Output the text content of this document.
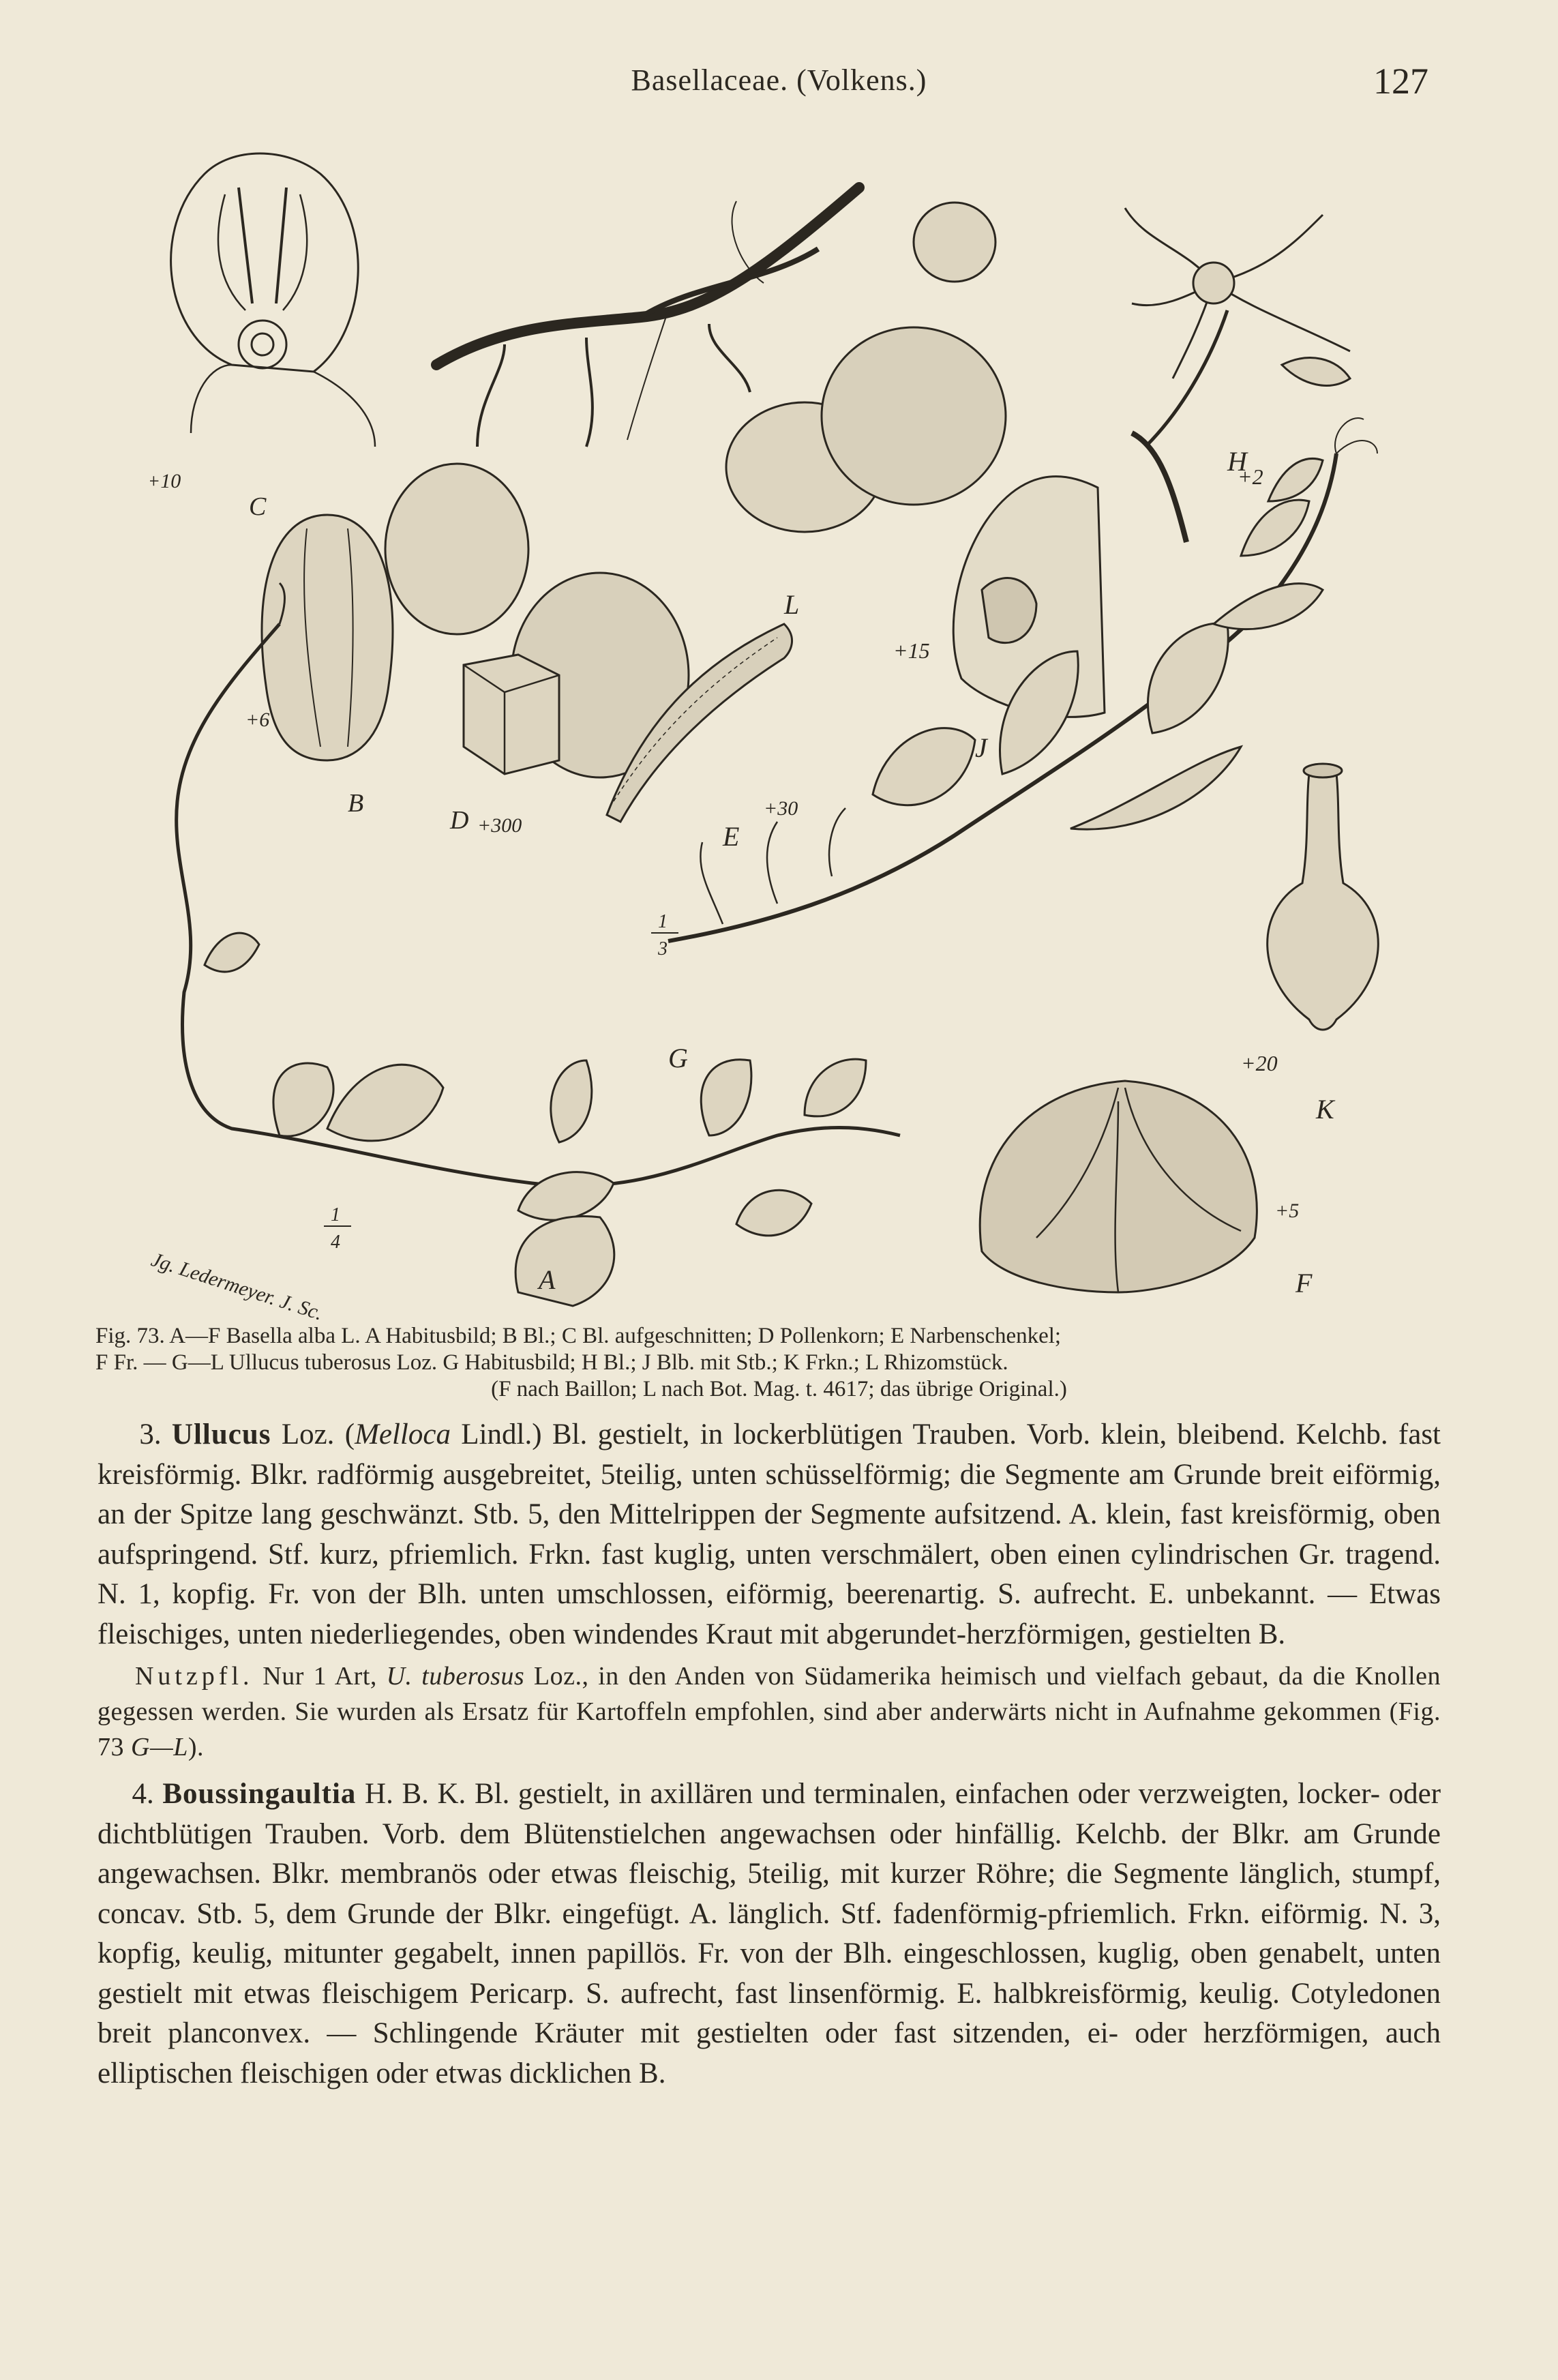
Basellaceae. (Volkens.)	127
+10
C
L
+2
H
+15
J
+6
B
D +300
+30
E
1
3
G	+20
K
+5
F
1
4
A
Jg. Ledermeyer. J. Sc.
Fig. 73. A—F Basella alba L. A Habitusbild; B Bl.; C Bl. aufgeschnitten; D Pollenkorn; E Narbenschenkel;
F Fr. — G—L Ullucus tuberosus Loz. G Habitusbild; H Bl.; J Blb. mit Stb.; K Frkn.; L Rhizomstück.
(F nach Baillon; L nach Bot. Mag. t. 4617; das übrige Original.)

3. Ullucus Loz. (Melloca Lindl.) Bl. gestielt, in lockerblütigen Trauben. Vorb. klein, bleibend. Kelchb. fast kreisförmig. Blkr. radförmig ausgebreitet, 5teilig, unten schüsselförmig; die Segmente am Grunde breit eiförmig, an der Spitze lang geschwänzt. Stb. 5, den Mittelrippen der Segmente aufsitzend. A. klein, fast kreisförmig, oben aufspringend. Stf. kurz, pfriemlich. Frkn. fast kuglig, unten verschmälert, oben einen cylindrischen Gr. tragend. N. 1, kopfig. Fr. von der Blh. unten umschlossen, eiförmig, beerenartig. S. aufrecht. E. unbekannt. — Etwas fleischiges, unten niederliegendes, oben windendes Kraut mit abgerundet-herzförmigen, gestielten B.

Nutzpfl. Nur 1 Art, U. tuberosus Loz., in den Anden von Südamerika heimisch und vielfach gebaut, da die Knollen gegessen werden. Sie wurden als Ersatz für Kartoffeln empfohlen, sind aber anderwärts nicht in Aufnahme gekommen (Fig. 73 G—L).

4. Boussingaultia H. B. K. Bl. gestielt, in axillären und terminalen, einfachen oder verzweigten, locker- oder dichtblütigen Trauben. Vorb. dem Blütenstielchen angewachsen oder hinfällig. Kelchb. der Blkr. am Grunde angewachsen. Blkr. membranös oder etwas fleischig, 5teilig, mit kurzer Röhre; die Segmente länglich, stumpf, concav. Stb. 5, dem Grunde der Blkr. eingefügt. A. länglich. Stf. fadenförmig-pfriemlich. Frkn. eiförmig. N. 3, kopfig, keulig, mitunter gegabelt, innen papillös. Fr. von der Blh. eingeschlossen, kuglig, oben genabelt, unten gestielt mit etwas fleischigem Pericarp. S. aufrecht, fast linsenförmig. E. halbkreisförmig, keulig. Cotyledonen breit planconvex. — Schlingende Kräuter mit gestielten oder fast sitzenden, ei- oder herzförmigen, auch elliptischen fleischigen oder etwas dicklichen B.
